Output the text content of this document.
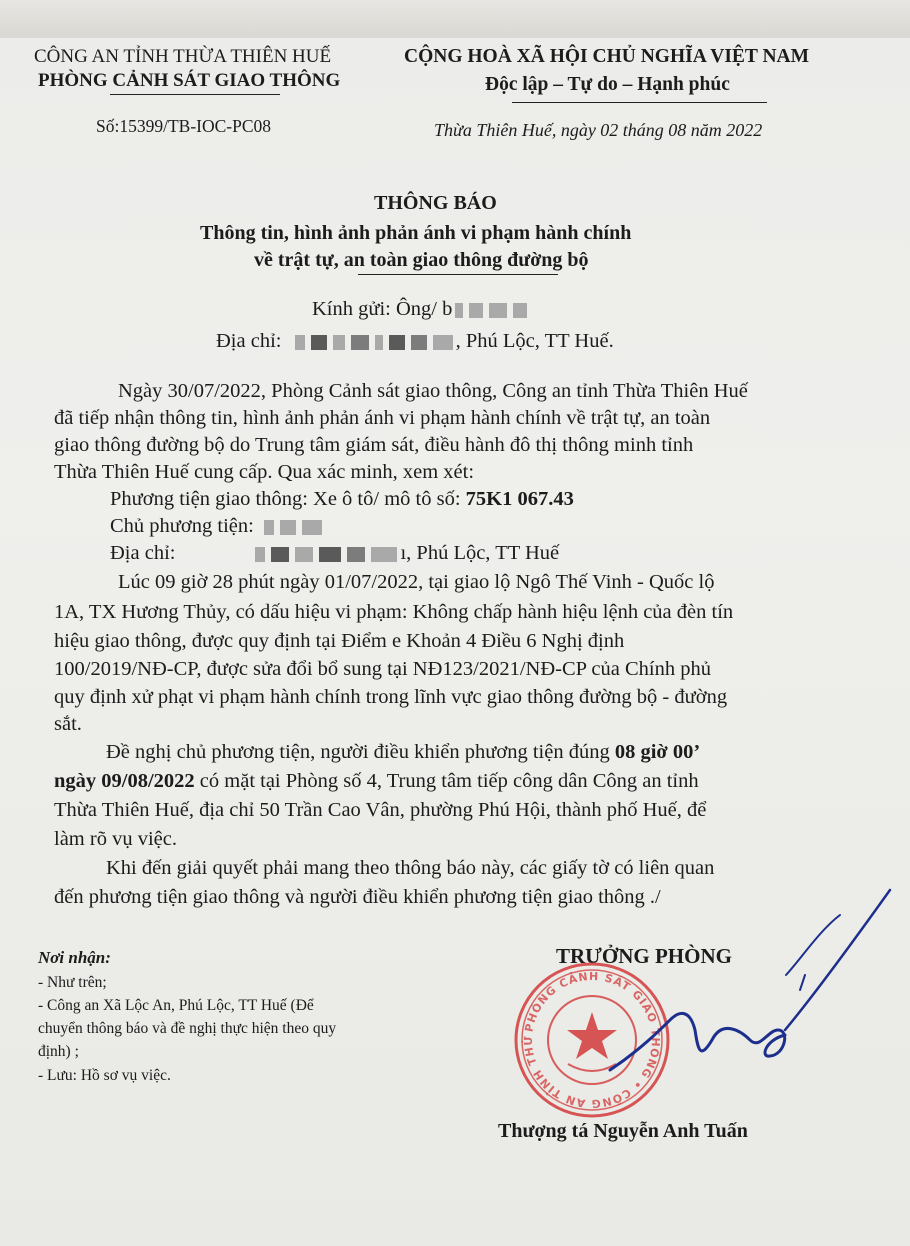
CÔNG AN TỈNH THỪA THIÊN HUẾ
PHÒNG CẢNH SÁT GIAO THÔNG
CỘNG HOÀ XÃ HỘI CHỦ NGHĨA VIỆT NAM
Độc lập – Tự do – Hạnh phúc
Số:15399/TB-IOC-PC08	Thừa Thiên Huế, ngày 02 tháng 08 năm 2022
THÔNG BÁO
Thông tin, hình ảnh phản ánh vi phạm hành chính
về trật tự, an toàn giao thông đường bộ
Kính gửi: Ông/ b
Địa chỉ:	, Phú Lộc, TT Huế.
Ngày 30/07/2022, Phòng Cảnh sát giao thông, Công an tỉnh Thừa Thiên Huế
đã tiếp nhận thông tin, hình ảnh phản ánh vi phạm hành chính về trật tự, an toàn
giao thông đường bộ do Trung tâm giám sát, điều hành đô thị thông minh tỉnh
Thừa Thiên Huế cung cấp. Qua xác minh, xem xét:
Phương tiện giao thông: Xe ô tô/ mô tô số: 75K1 067.43
Chủ phương tiện:
Địa chỉ:	ı, Phú Lộc, TT Huế
Lúc 09 giờ 28 phút ngày 01/07/2022, tại giao lộ Ngô Thế Vinh - Quốc lộ
1A, TX Hương Thủy, có dấu hiệu vi phạm: Không chấp hành hiệu lệnh của đèn tín
hiệu giao thông, được quy định tại Điểm e Khoản 4 Điều 6 Nghị định
100/2019/NĐ-CP, được sửa đổi bổ sung tại NĐ123/2021/NĐ-CP của Chính phủ
quy định xử phạt vi phạm hành chính trong lĩnh vực giao thông đường bộ - đường
sắt.
Đề nghị chủ phương tiện, người điều khiển phương tiện đúng 08 giờ 00’
ngày 09/08/2022 có mặt tại Phòng số 4, Trung tâm tiếp công dân Công an tỉnh
Thừa Thiên Huế, địa chỉ 50 Trần Cao Vân, phường Phú Hội, thành phố Huế, để
làm rõ vụ việc.
Khi đến giải quyết phải mang theo thông báo này, các giấy tờ có liên quan
đến phương tiện giao thông và người điều khiển phương tiện giao thông ./
Nơi nhận:
- Như trên;
- Công an Xã Lộc An, Phú Lộc, TT Huế (Để
chuyển thông báo và đề nghị thực hiện theo quy
định) ;
- Lưu: Hồ sơ vụ việc.
TRƯỞNG PHÒNG
PHÒNG CẢNH SÁT GIAO THÔNG • CÔNG AN TỈNH THỪA THIÊN HUẾ
Thượng tá Nguyễn Anh Tuấn
